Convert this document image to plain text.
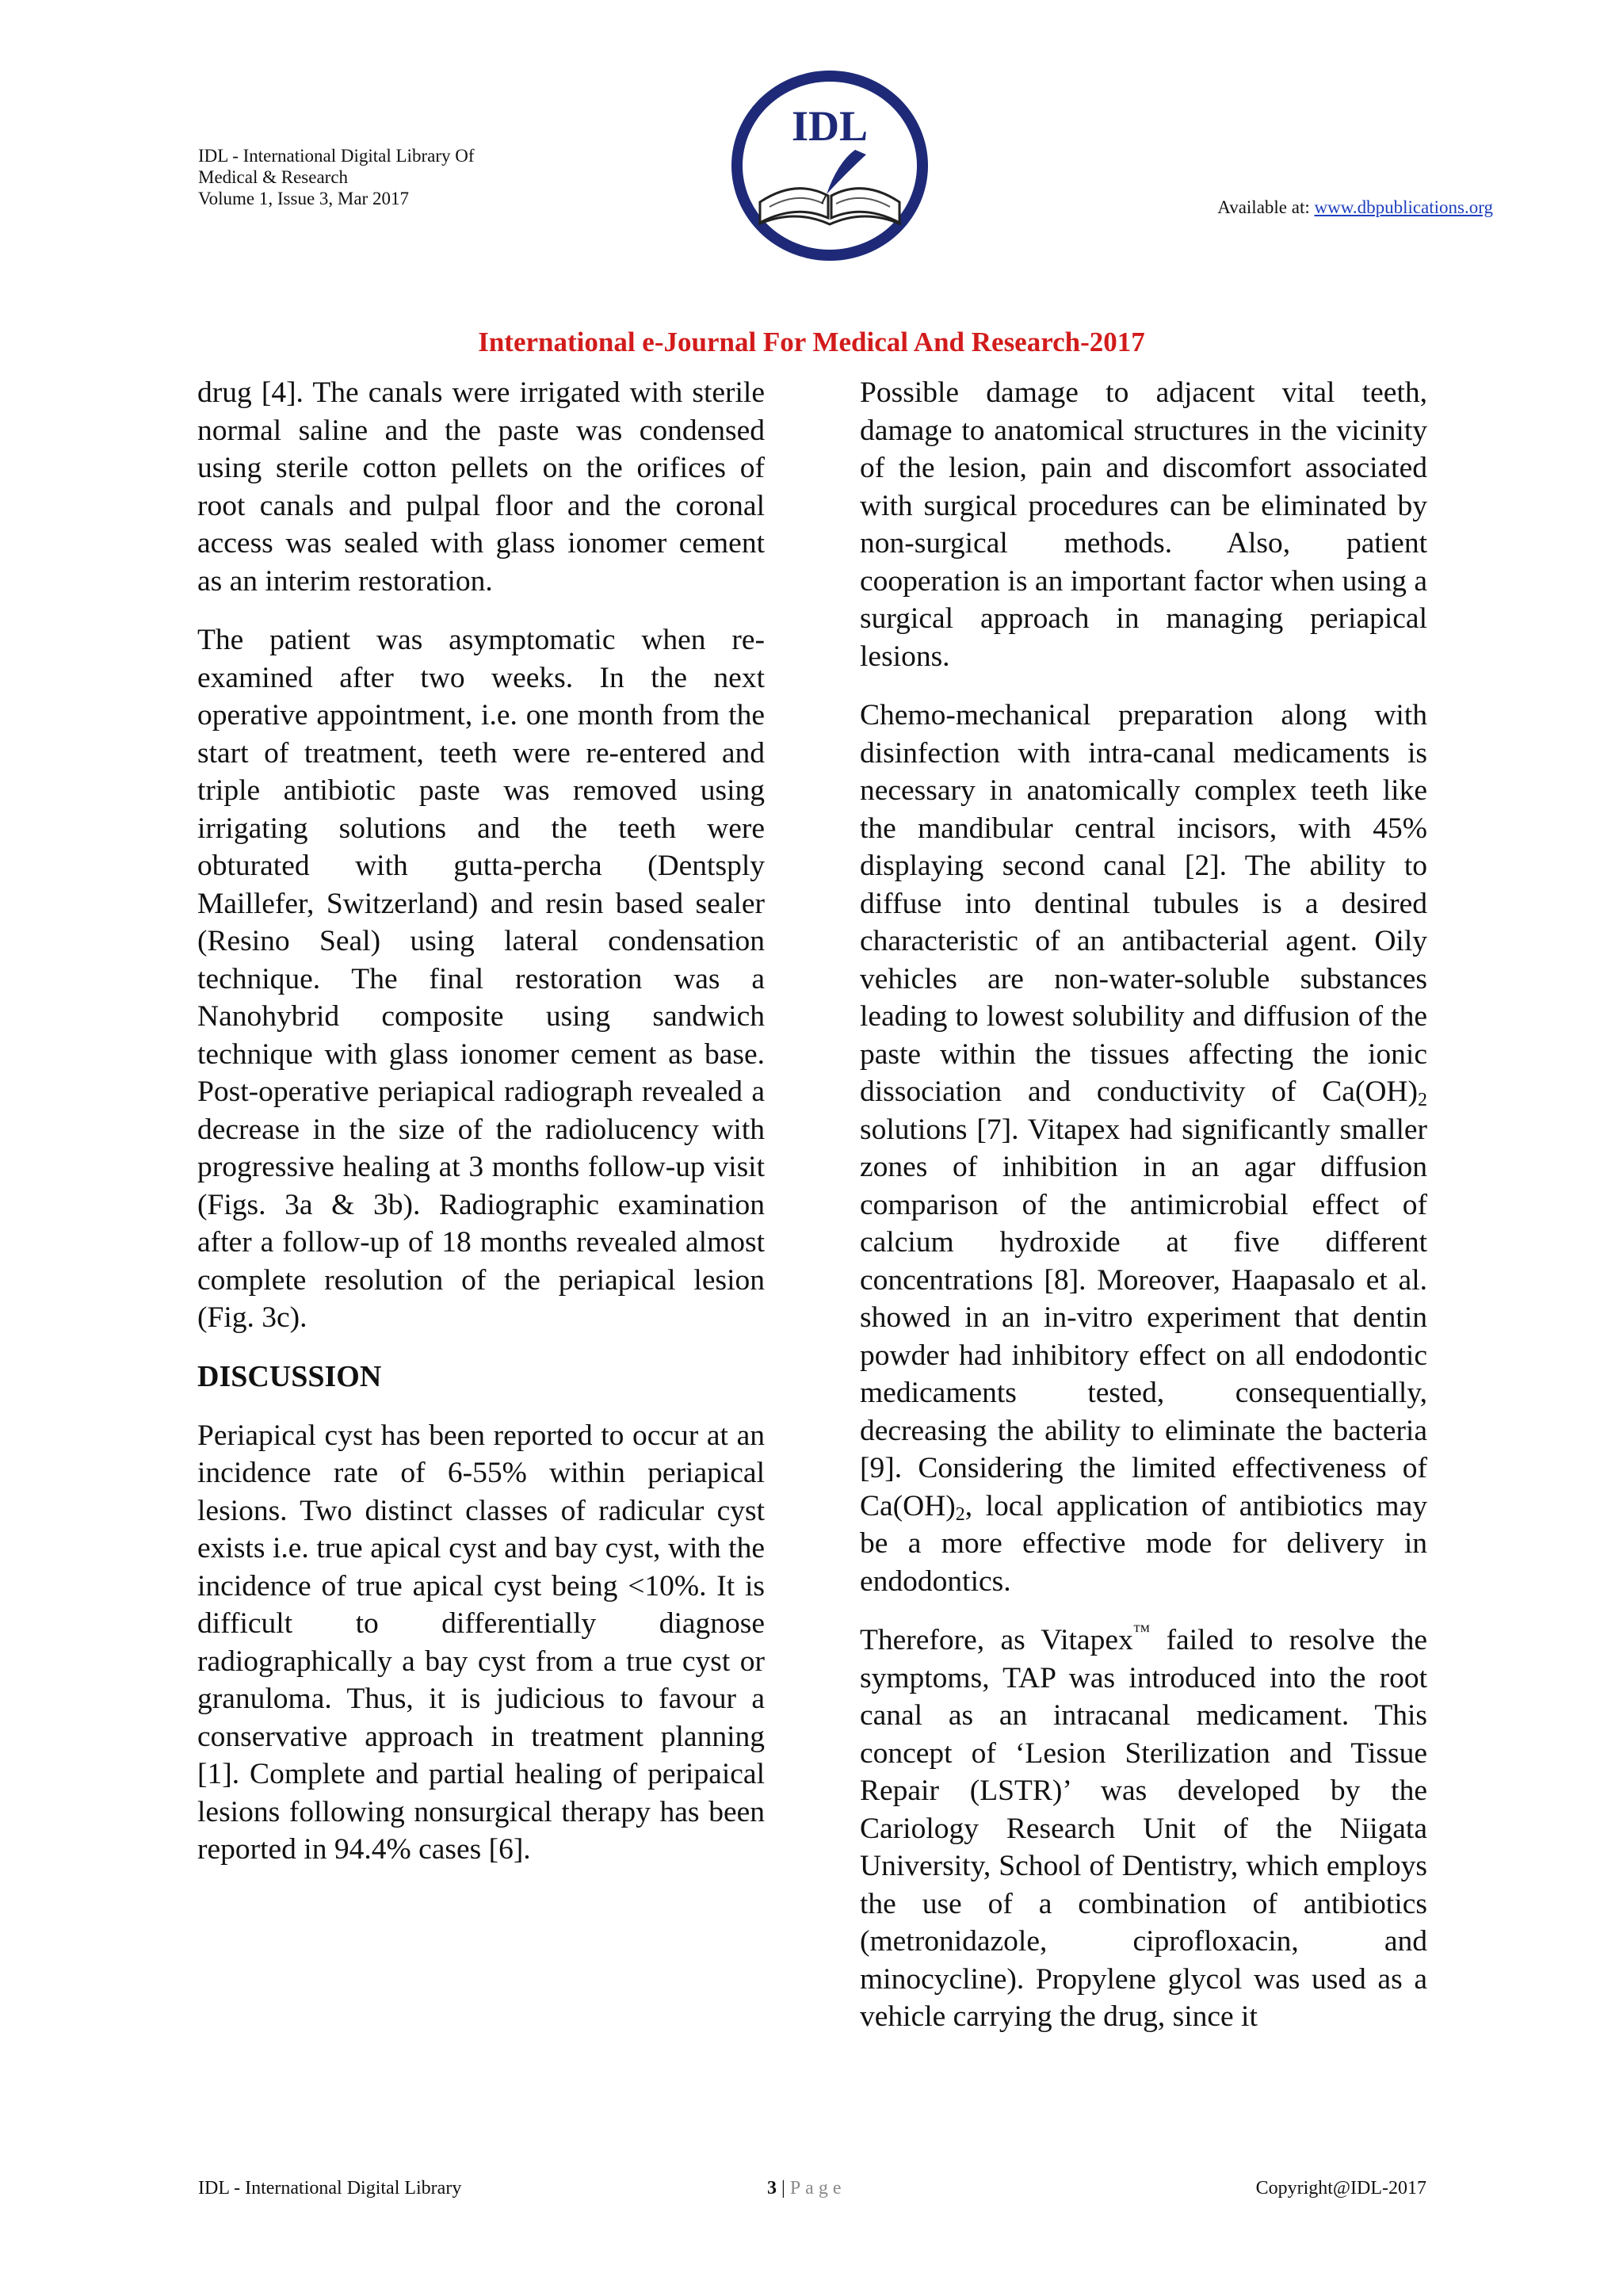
IDL - International Digital Library Of
Medical & Research
Volume 1, Issue 3, Mar 2017
IDL
Available at: www.dbpublications.org
International e-Journal For Medical And Research-2017

drug [4]. The canals were irrigated with sterile normal saline and the paste was condensed using sterile cotton pellets on the orifices of root canals and pulpal floor and the coronal access was sealed with glass ionomer cement as an interim restoration.

The patient was asymptomatic when re-examined after two weeks. In the next operative appointment, i.e. one month from the start of treatment, teeth were re-entered and triple antibiotic paste was removed using irrigating solutions and the teeth were obturated with gutta-percha (Dentsply Maillefer, Switzerland) and resin based sealer (Resino Seal) using lateral condensation technique. The final restoration was a Nanohybrid composite using sandwich technique with glass ionomer cement as base. Post-operative periapical radiograph revealed a decrease in the size of the radiolucency with progressive healing at 3 months follow-up visit (Figs. 3a & 3b). Radiographic examination after a follow-up of 18 months revealed almost complete resolution of the periapical lesion (Fig. 3c).

DISCUSSION

Periapical cyst has been reported to occur at an incidence rate of 6-55% within periapical lesions. Two distinct classes of radicular cyst exists i.e. true apical cyst and bay cyst, with the incidence of true apical cyst being <10%. It is difficult to differentially diagnose radiographically a bay cyst from a true cyst or granuloma. Thus, it is judicious to favour a conservative approach in treatment planning [1]. Complete and partial healing of peripaical lesions following nonsurgical therapy has been reported in 94.4% cases [6].

Possible damage to adjacent vital teeth, damage to anatomical structures in the vicinity of the lesion, pain and discomfort associated with surgical procedures can be eliminated by non-surgical methods. Also, patient cooperation is an important factor when using a surgical approach in managing periapical lesions.

Chemo-mechanical preparation along with disinfection with intra-canal medicaments is necessary in anatomically complex teeth like the mandibular central incisors, with 45% displaying second canal [2]. The ability to diffuse into dentinal tubules is a desired characteristic of an antibacterial agent. Oily vehicles are non-water-soluble substances leading to lowest solubility and diffusion of the paste within the tissues affecting the ionic dissociation and conductivity of $Ca(OH)_2$ solutions [7]. Vitapex had significantly smaller zones of inhibition in an agar diffusion comparison of the antimicrobial effect of calcium hydroxide at five different concentrations [8]. Moreover, Haapasalo et al. showed in an in-vitro experiment that dentin powder had inhibitory effect on all endodontic medicaments tested, consequentially, decreasing the ability to eliminate the bacteria [9]. Considering the limited effectiveness of $Ca(OH)_2$, local application of antibiotics may be a more effective mode for delivery in endodontics.

Therefore, as Vitapex™ failed to resolve the symptoms, TAP was introduced into the root canal as an intracanal medicament. This concept of ‘Lesion Sterilization and Tissue Repair (LSTR)’ was developed by the Cariology Research Unit of the Niigata University, School of Dentistry, which employs the use of a combination of antibiotics (metronidazole, ciprofloxacin, and minocycline). Propylene glycol was used as a vehicle carrying the drug, since it

IDL - International Digital Library	3 | Page	Copyright@IDL-2017
